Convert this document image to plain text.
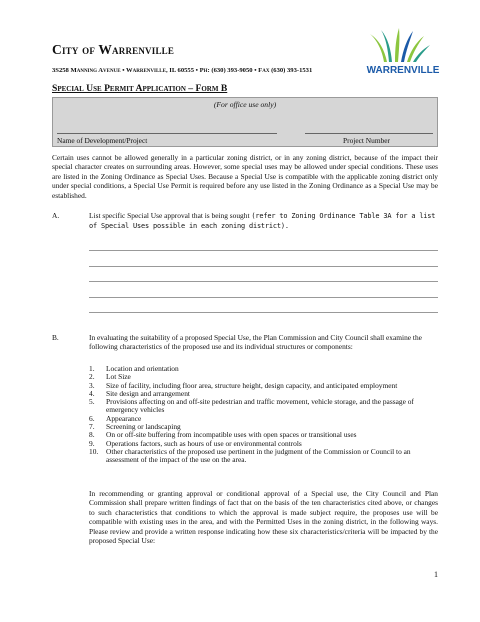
City of Warrenville
3S258 Manning Avenue • Warrenville, IL 60555 • Ph: (630) 393-9050 • Fax (630) 393-1531	WARRENVILLE
Special Use Permit Application – Form B
(For office use only)
Name of Development/Project	Project Number
Certain uses cannot be allowed generally in a particular zoning district, or in any zoning district, because of the impact their special character creates on surrounding areas. However, some special uses may be allowed under special conditions. These uses are listed in the Zoning Ordinance as Special Uses. Because a Special Use is compatible with the applicable zoning district only under special conditions, a Special Use Permit is required before any use listed in the Zoning Ordinance as a Special Use may be established.
A.	List specific Special Use approval that is being sought (refer to Zoning Ordinance Table 3A for a list of Special Uses possible in each zoning district).
B.	In evaluating the suitability of a proposed Special Use, the Plan Commission and City Council shall examine the following characteristics of the proposed use and its individual structures or components:
1. Location and orientation
2. Lot Size
3. Size of facility, including floor area, structure height, design capacity, and anticipated employment
4. Site design and arrangement
5. Provisions affecting on and off-site pedestrian and traffic movement, vehicle storage, and the passage of emergency vehicles
6. Appearance
7. Screening or landscaping
8. On or off-site buffering from incompatible uses with open spaces or transitional uses
9. Operations factors, such as hours of use or environmental controls
10. Other characteristics of the proposed use pertinent in the judgment of the Commission or Council to an assessment of the impact of the use on the area.
In recommending or granting approval or conditional approval of a Special use, the City Council and Plan Commission shall prepare written findings of fact that on the basis of the ten characteristics cited above, or changes to such characteristics that conditions to which the approval is made subject require, the proposes use will be compatible with existing uses in the area, and with the Permitted Uses in the zoning district, in the following ways. Please review and provide a written response indicating how these six characteristics/criteria will be impacted by the proposed Special Use:
1
